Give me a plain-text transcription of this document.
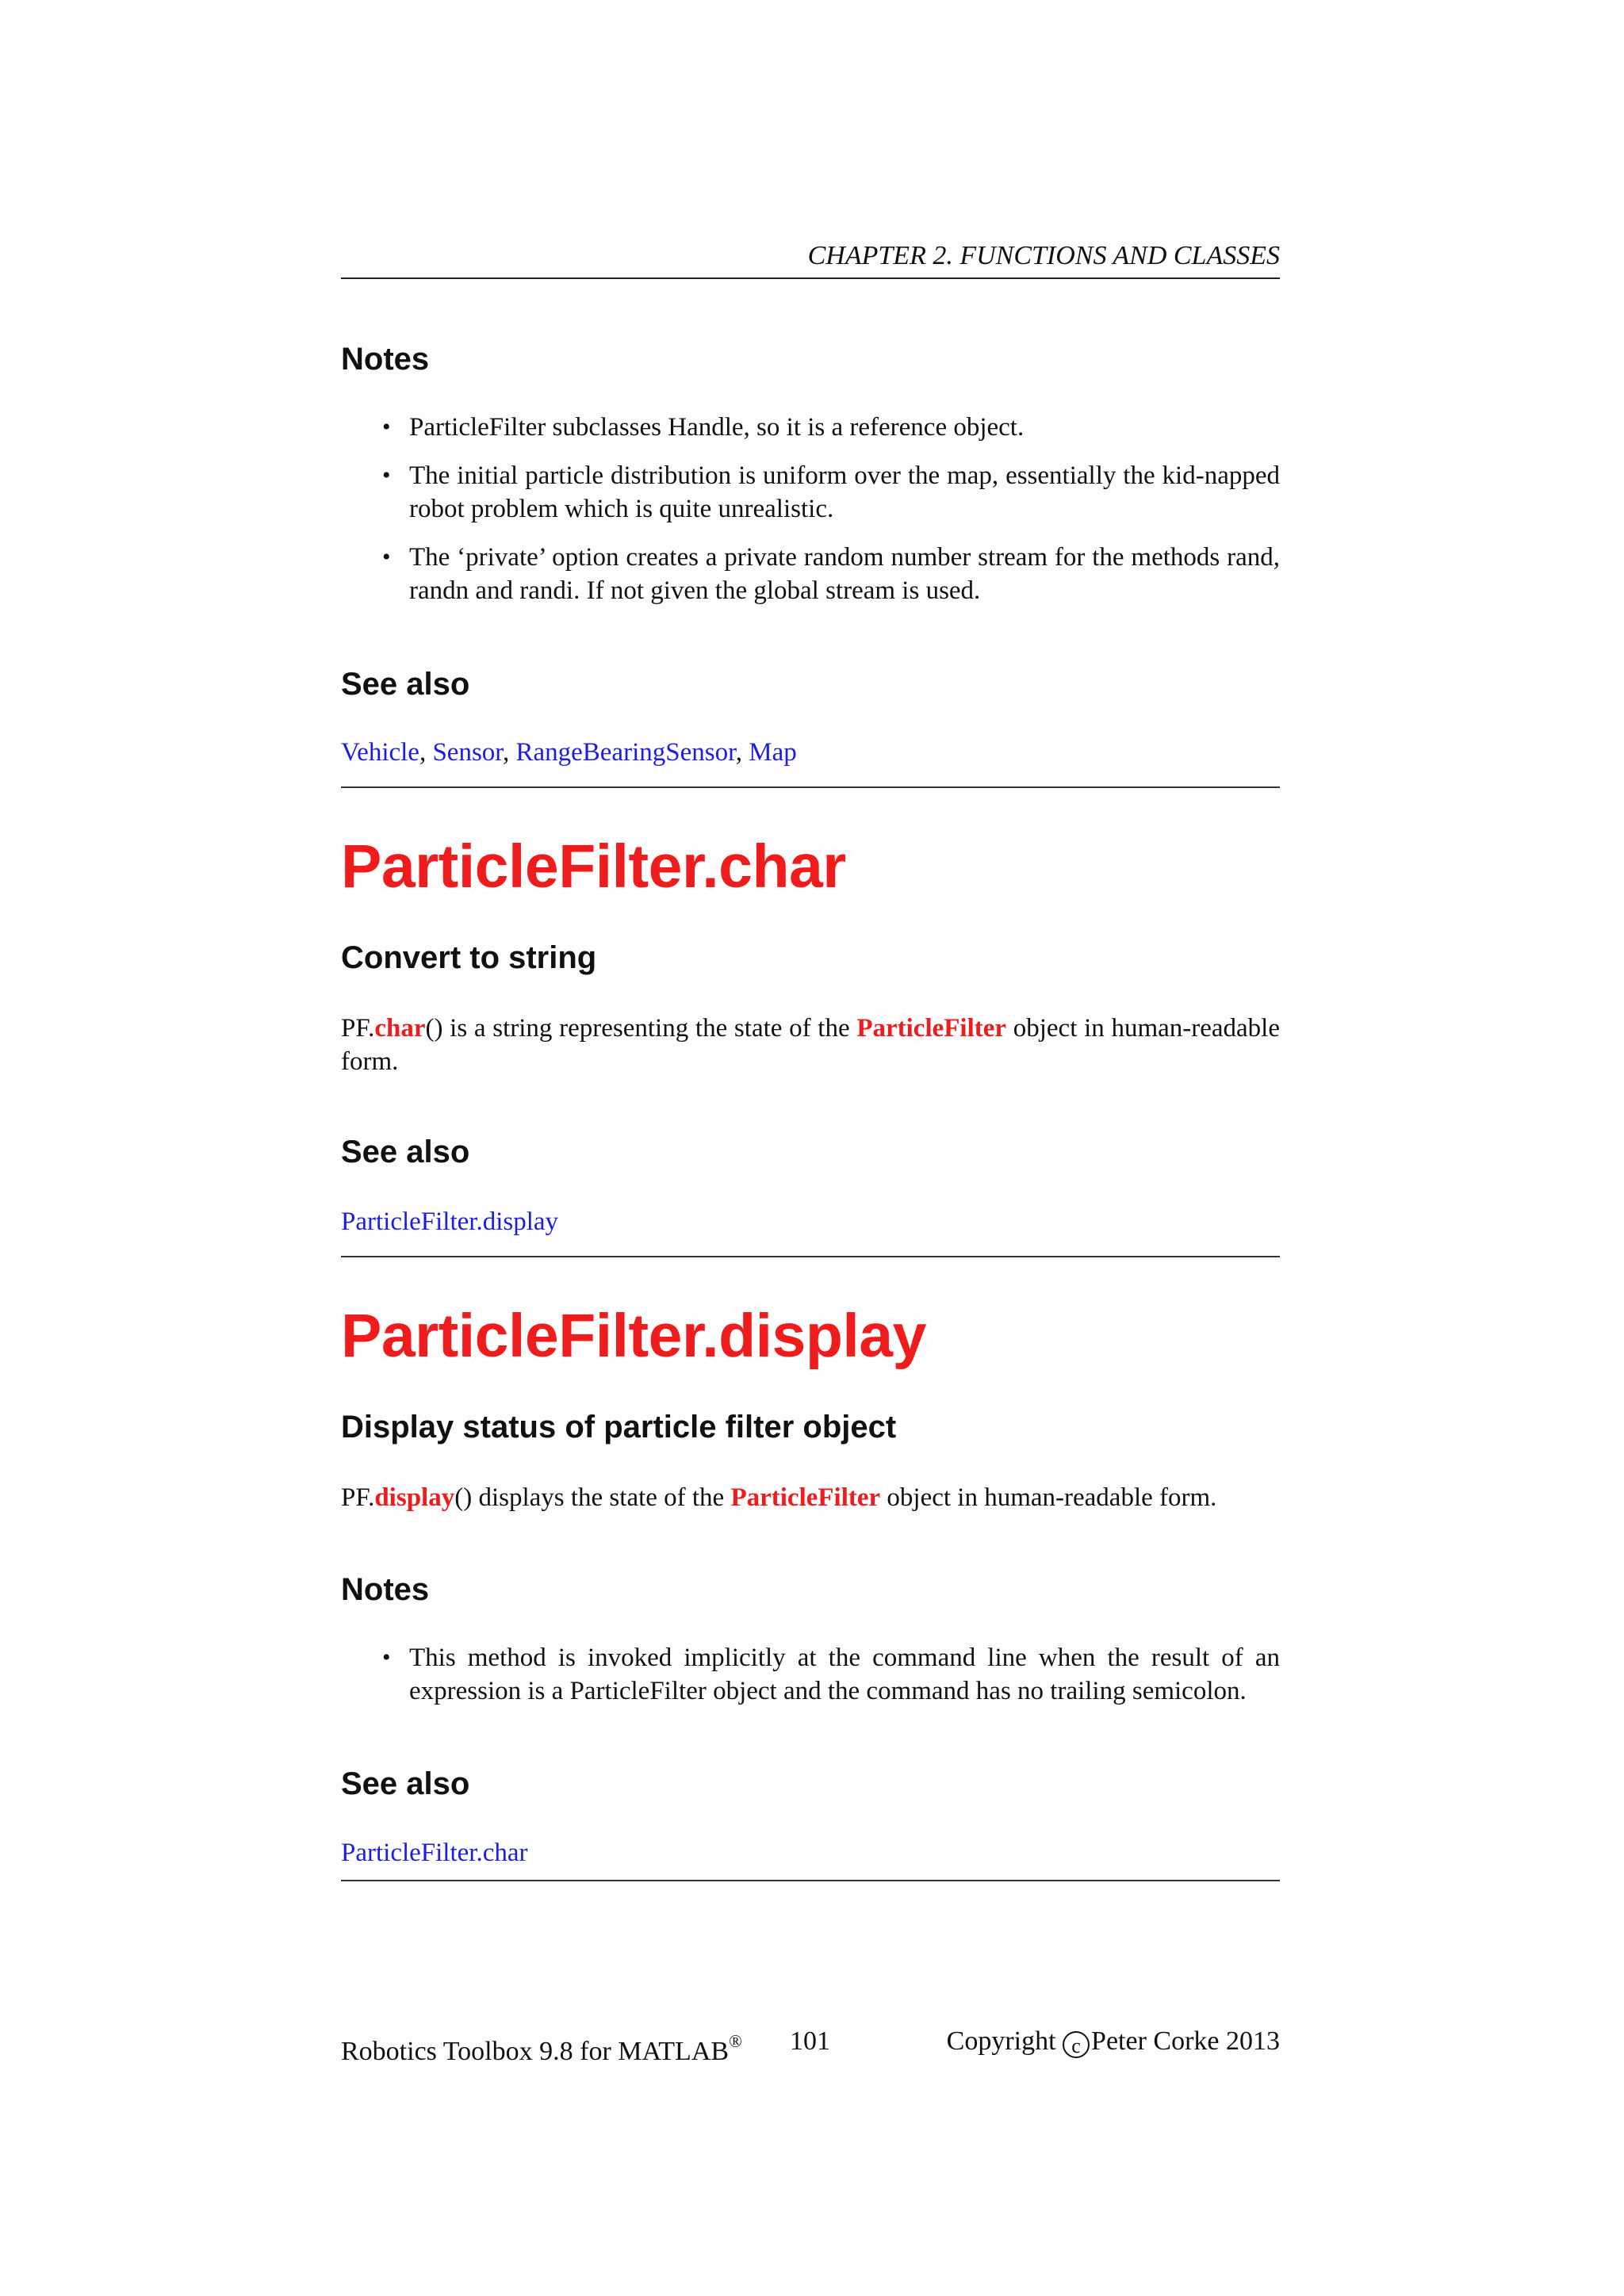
CHAPTER 2. FUNCTIONS AND CLASSES
Notes
• ParticleFilter subclasses Handle, so it is a reference object.
• The initial particle distribution is uniform over the map, essentially the kid-napped robot problem which is quite unrealistic.
• The ‘private’ option creates a private random number stream for the methods rand, randn and randi. If not given the global stream is used.
See also
Vehicle, Sensor, RangeBearingSensor, Map
ParticleFilter.char
Convert to string
PF.char() is a string representing the state of the ParticleFilter object in human-readable form.
See also
ParticleFilter.display
ParticleFilter.display
Display status of particle filter object
PF.display() displays the state of the ParticleFilter object in human-readable form.
Notes
• This method is invoked implicitly at the command line when the result of an expression is a ParticleFilter object and the command has no trailing semicolon.
See also
ParticleFilter.char
Robotics Toolbox 9.8 for MATLAB® 101	Copyright c Peter Corke 2013
